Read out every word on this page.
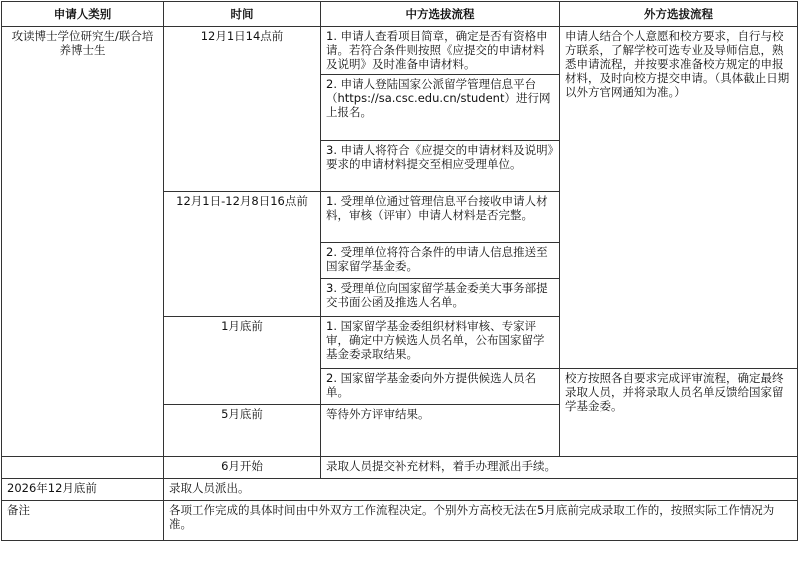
申请人类别	时间	中方选拔流程	外方选拔流程
攻读博士学位研究生/联合培养博士生	12月1日14点前	1. 申请人查看项目简章，确定是否有资格申请。若符合条件则按照《应提交的申请材料及说明》及时准备申请材料。	申请人结合个人意愿和校方要求，自行与校方联系，了解学校可选专业及导师信息，熟悉申请流程，并按要求准备校方规定的申报材料，及时向校方提交申请。（具体截止日期以外方官网通知为准。）
		2. 申请人登陆国家公派留学管理信息平台（https://sa.csc.edu.cn/student）进行网上报名。	
		3. 申请人将符合《应提交的申请材料及说明》要求的申请材料提交至相应受理单位。	
	12月1日-12月8日16点前	1. 受理单位通过管理信息平台接收申请人材料，审核（评审）申请人材料是否完整。	
		2. 受理单位将符合条件的申请人信息推送至国家留学基金委。	
		3. 受理单位向国家留学基金委美大事务部提交书面公函及推选人名单。	
	1月底前	1. 国家留学基金委组织材料审核、专家评审，确定中方候选人员名单，公布国家留学基金委录取结果。	
		2. 国家留学基金委向外方提供候选人员名单。	校方按照各自要求完成评审流程，确定最终录取人员，并将录取人员名单反馈给国家留学基金委。
	5月底前	等待外方评审结果。	
	6月开始	录取人员提交补充材料，着手办理派出手续。	
2026年12月底前	录取人员派出。		
备注	各项工作完成的具体时间由中外双方工作流程决定。个别外方高校无法在5月底前完成录取工作的，按照实际工作情况为准。		
